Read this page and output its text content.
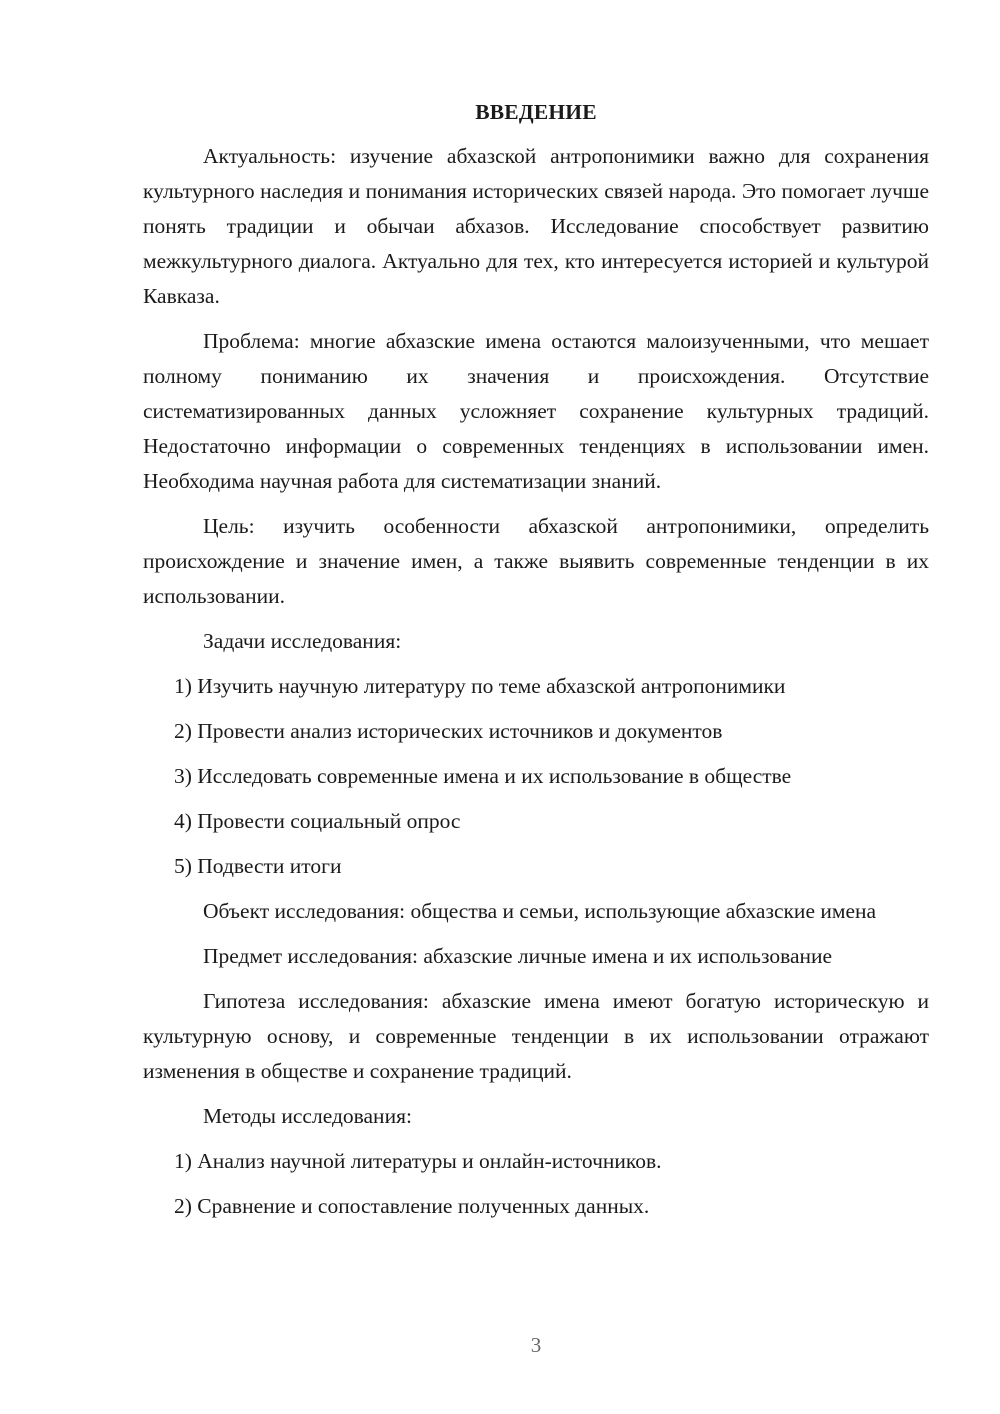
ВВЕДЕНИЕ

Актуальность: изучение абхазской антропонимики важно для сохранения культурного наследия и понимания исторических связей народа. Это помогает лучше понять традиции и обычаи абхазов. Исследование способствует развитию межкультурного диалога. Актуально для тех, кто интересуется историей и культурой Кавказа.

Проблема: многие абхазские имена остаются малоизученными, что мешает полному пониманию их значения и происхождения. Отсутствие систематизированных данных усложняет сохранение культурных традиций. Недостаточно информации о современных тенденциях в использовании имен. Необходима научная работа для систематизации знаний.

Цель: изучить особенности абхазской антропонимики, определить происхождение и значение имен, а также выявить современные тенденции в их использовании.

Задачи исследования:

1) Изучить научную литературу по теме абхазской антропонимики

2) Провести анализ исторических источников и документов

3) Исследовать современные имена и их использование в обществе

4) Провести социальный опрос

5) Подвести итоги

Объект исследования: общества и семьи, использующие абхазские имена

Предмет исследования: абхазские личные имена и их использование

Гипотеза исследования: абхазские имена имеют богатую историческую и культурную основу, и современные тенденции в их использовании отражают изменения в обществе и сохранение традиций.

Методы исследования:

1) Анализ научной литературы и онлайн-источников.

2) Сравнение и сопоставление полученных данных.

3
